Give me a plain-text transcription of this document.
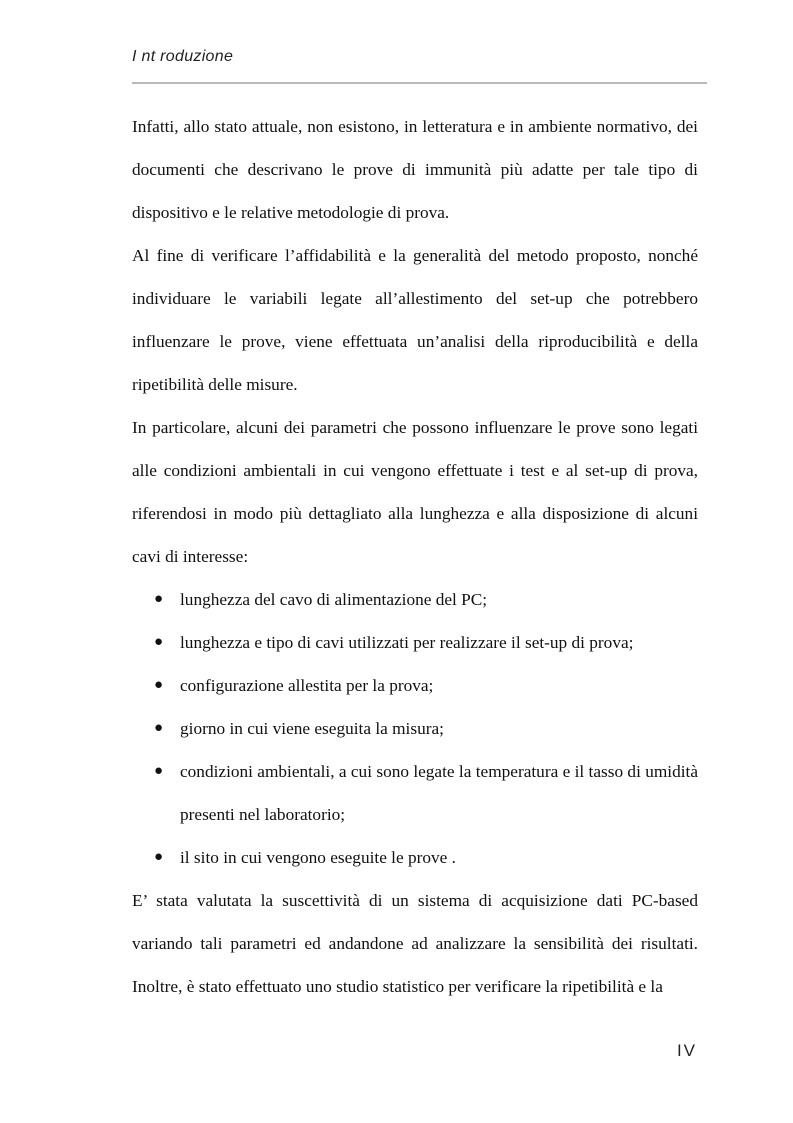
I nt roduzione

Infatti, allo stato attuale, non esistono, in letteratura e in ambiente normativo, dei documenti che descrivano le prove di immunità più adatte per tale tipo di dispositivo e le relative metodologie di prova.

Al fine di verificare l’affidabilità e la generalità del metodo proposto, nonché individuare le variabili legate all’allestimento del set-up che potrebbero influenzare le prove, viene effettuata un’analisi della riproducibilità e della ripetibilità delle misure.

In particolare, alcuni dei parametri che possono influenzare le prove sono legati alle condizioni ambientali in cui vengono effettuate i test e al set-up di prova, riferendosi in modo più dettagliato alla lunghezza e alla disposizione di alcuni cavi di interesse:

● lunghezza del cavo di alimentazione del PC;
● lunghezza e tipo di cavi utilizzati per realizzare il set-up di prova;
● configurazione allestita per la prova;
● giorno in cui viene eseguita la misura;
● condizioni ambientali, a cui sono legate la temperatura e il tasso di umidità presenti nel laboratorio;
● il sito in cui vengono eseguite le prove .

E’ stata valutata la suscettività di un sistema di acquisizione dati PC-based variando tali parametri ed andandone ad analizzare la sensibilità dei risultati. Inoltre, è stato effettuato uno studio statistico per verificare la ripetibilità e la

IV
